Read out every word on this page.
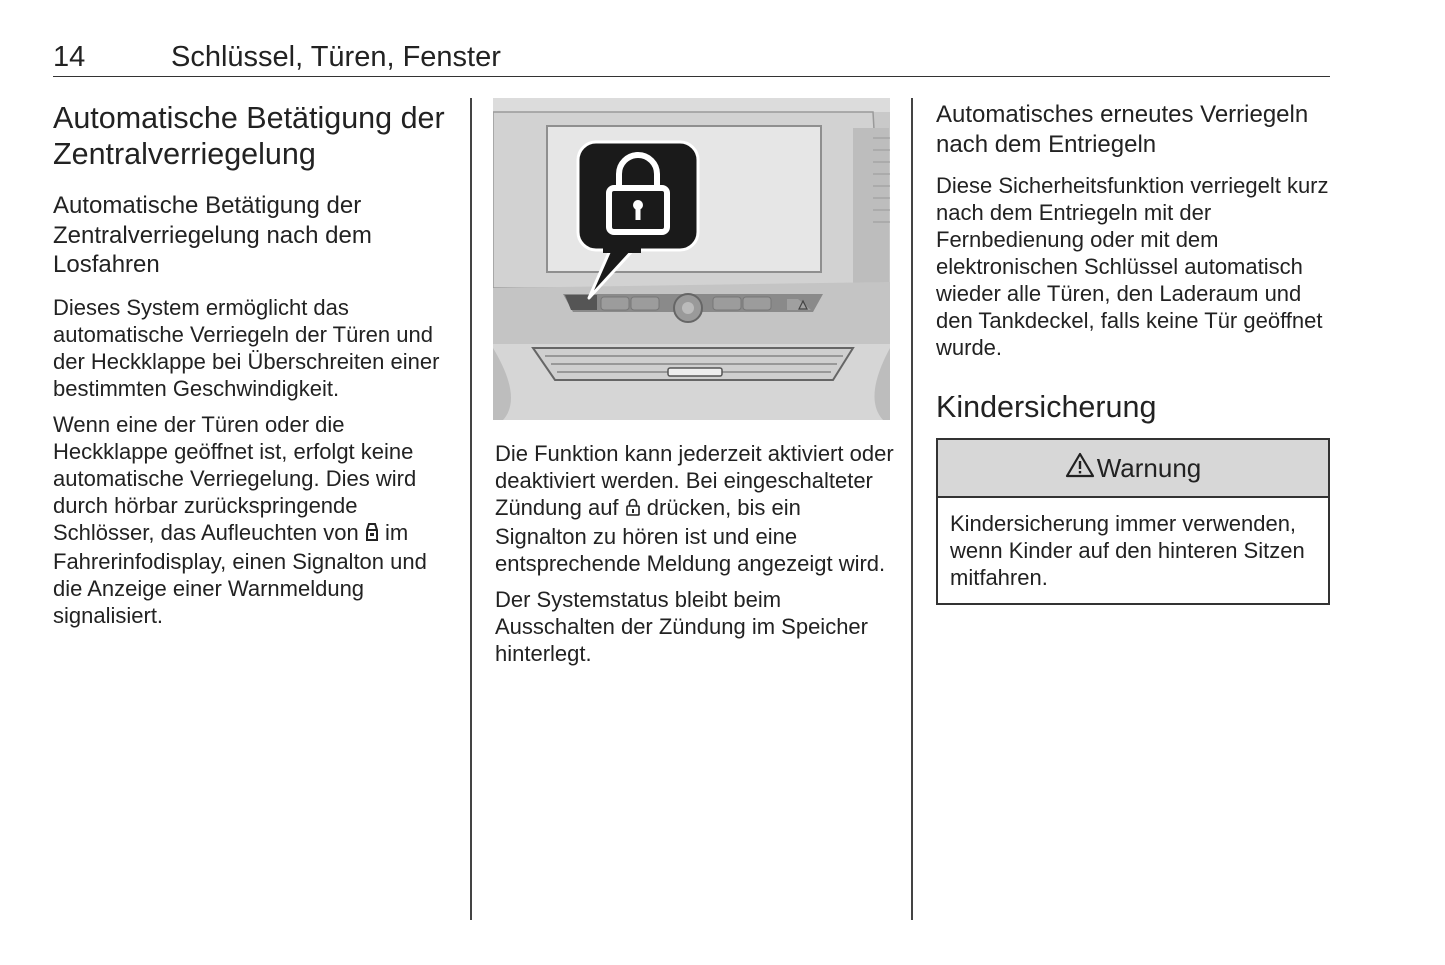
14	Schlüssel, Türen, Fenster
Automatische Betätigung der Zentralverriegelung
Automatische Betätigung der Zentralverriegelung nach dem Losfahren

Dieses System ermöglicht das automatische Verriegeln der Türen und der Heckklappe bei Überschreiten einer bestimmten Geschwindigkeit.

Wenn eine der Türen oder die Heckklappe geöffnet ist, erfolgt keine automatische Verriegelung. Dies wird durch hörbar zurückspringende Schlösser, das Aufleuchten von im Fahrerinfodisplay, einen Signalton und die Anzeige einer Warnmeldung signalisiert.

Die Funktion kann jederzeit aktiviert oder deaktiviert werden. Bei eingeschalteter Zündung auf drücken, bis ein Signalton zu hören ist und eine entsprechende Meldung angezeigt wird.

Der Systemstatus bleibt beim Ausschalten der Zündung im Speicher hinterlegt.

Automatisches erneutes Verriegeln nach dem Entriegeln

Diese Sicherheitsfunktion verriegelt kurz nach dem Entriegeln mit der Fernbedienung oder mit dem elektronischen Schlüssel automatisch wieder alle Türen, den Laderaum und den Tankdeckel, falls keine Tür geöffnet wurde.

Kindersicherung
Warnung
Kindersicherung immer verwenden, wenn Kinder auf den hinteren Sitzen mitfahren.
